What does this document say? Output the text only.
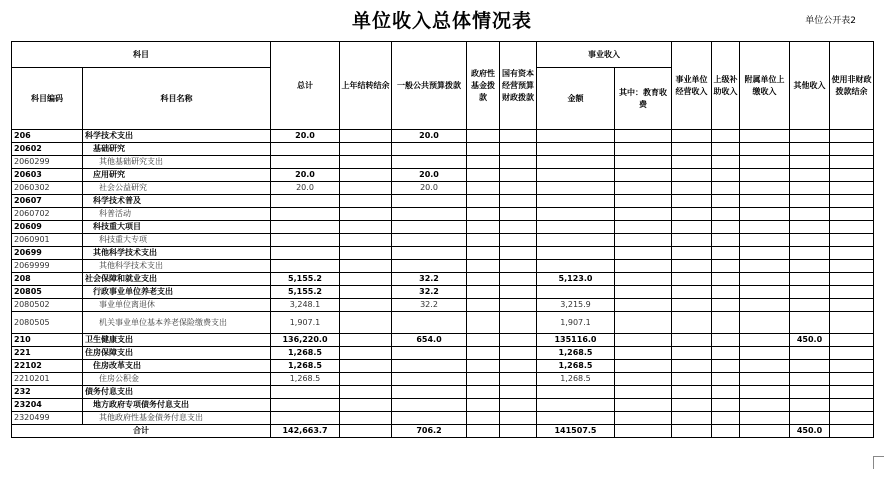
单位收入总体情况表	单位公开表2
科目		总计	上年结转结余	一般公共预算拨款	政府性基金拨款	国有资本经营预算财政拨款	事业收入		事业单位经营收入	上级补助收入	附属单位上缴收入	其他收入	使用非财政拨款结余
科目编码	科目名称						金额	其中：教育收费					
206	科学技术支出	20.0		20.0									
20602	基础研究												
2060299	其他基础研究支出												
20603	应用研究	20.0		20.0									
2060302	社会公益研究	20.0		20.0									
20607	科学技术普及												
2060702	科普活动												
20609	科技重大项目												
2060901	科技重大专项												
20699	其他科学技术支出												
2069999	其他科学技术支出												
208	社会保障和就业支出	5,155.2		32.2			5,123.0						
20805	行政事业单位养老支出	5,155.2		32.2									
2080502	事业单位离退休	3,248.1		32.2			3,215.9						
2080505	机关事业单位基本养老保险缴费支出	1,907.1					1,907.1						
210	卫生健康支出	136,220.0		654.0			135116.0					450.0	
221	住房保障支出	1,268.5					1,268.5						
22102	住房改革支出	1,268.5					1,268.5						
2210201	住房公积金	1,268.5					1,268.5						
232	债务付息支出												
23204	地方政府专项债务付息支出												
2320499	其他政府性基金债务付息支出												
合计		142,663.7		706.2			141507.5					450.0	
